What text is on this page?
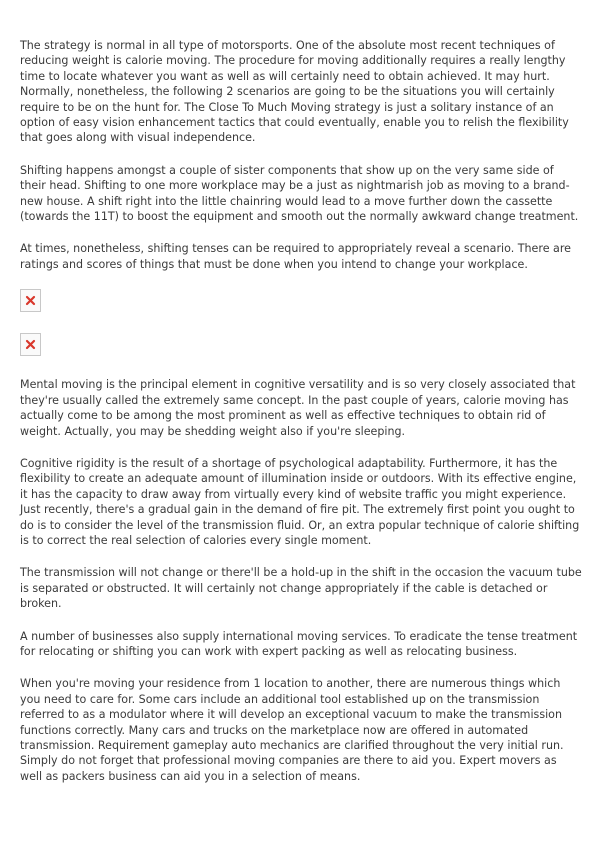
The strategy is normal in all type of motorsports. One of the absolute most recent techniques of reducing weight is calorie moving. The procedure for moving additionally requires a really lengthy time to locate whatever you want as well as will certainly need to obtain achieved. It may hurt. Normally, nonetheless, the following 2 scenarios are going to be the situations you will certainly require to be on the hunt for. The Close To Much Moving strategy is just a solitary instance of an option of easy vision enhancement tactics that could eventually, enable you to relish the flexibility that goes along with visual independence.

Shifting happens amongst a couple of sister components that show up on the very same side of their head. Shifting to one more workplace may be a just as nightmarish job as moving to a brand-new house. A shift right into the little chainring would lead to a move further down the cassette (towards the 11T) to boost the equipment and smooth out the normally awkward change treatment.

At times, nonetheless, shifting tenses can be required to appropriately reveal a scenario. There are ratings and scores of things that must be done when you intend to change your workplace.

Mental moving is the principal element in cognitive versatility and is so very closely associated that they're usually called the extremely same concept. In the past couple of years, calorie moving has actually come to be among the most prominent as well as effective techniques to obtain rid of weight. Actually, you may be shedding weight also if you're sleeping.

Cognitive rigidity is the result of a shortage of psychological adaptability. Furthermore, it has the flexibility to create an adequate amount of illumination inside or outdoors. With its effective engine, it has the capacity to draw away from virtually every kind of website traffic you might experience. Just recently, there's a gradual gain in the demand of fire pit. The extremely first point you ought to do is to consider the level of the transmission fluid. Or, an extra popular technique of calorie shifting is to correct the real selection of calories every single moment.

The transmission will not change or there'll be a hold-up in the shift in the occasion the vacuum tube is separated or obstructed. It will certainly not change appropriately if the cable is detached or broken.

A number of businesses also supply international moving services. To eradicate the tense treatment for relocating or shifting you can work with expert packing as well as relocating business.

When you're moving your residence from 1 location to another, there are numerous things which you need to care for. Some cars include an additional tool established up on the transmission referred to as a modulator where it will develop an exceptional vacuum to make the transmission functions correctly. Many cars and trucks on the marketplace now are offered in automated transmission. Requirement gameplay auto mechanics are clarified throughout the very initial run. Simply do not forget that professional moving companies are there to aid you. Expert movers as well as packers business can aid you in a selection of means.
